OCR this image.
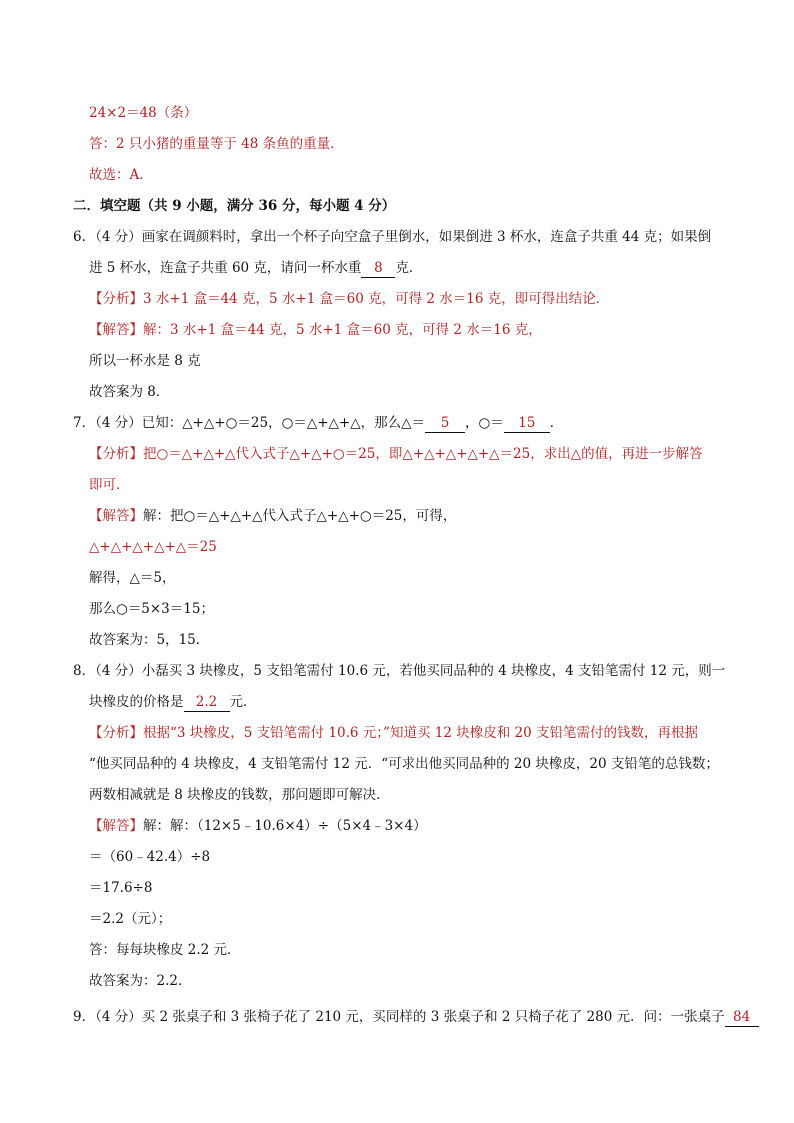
24×2＝48（条）
答：2 只小猪的重量等于 48 条鱼的重量．
故选：A．
二．填空题（共 9 小题，满分 36 分，每小题 4 分）
6．（4 分）画家在调颜料时，拿出一个杯子向空盒子里倒水，如果倒进 3 杯水，连盒子共重 44 克；如果倒
进 5 杯水，连盒子共重 60 克，请问一杯水重 8 克．
【分析】3 水+1 盒＝44 克，5 水+1 盒＝60 克，可得 2 水＝16 克，即可得出结论．
【解答】解：3 水+1 盒＝44 克，5 水+1 盒＝60 克，可得 2 水＝16 克，
所以一杯水是 8 克
故答案为 8．
7．（4 分）已知：△+△+○＝25，○＝△+△+△，那么△＝ 5 ，○＝ 15 ．
【分析】把○＝△+△+△代入式子△+△+○＝25，即△+△+△+△+△＝25，求出△的值，再进一步解答
即可．
【解答】解：把○＝△+△+△代入式子△+△+○＝25，可得，
△+△+△+△+△＝25
解得，△＝5，
那么○＝5×3＝15；
故答案为：5，15．
8．（4 分）小磊买 3 块橡皮，5 支铅笔需付 10.6 元，若他买同品种的 4 块橡皮，4 支铅笔需付 12 元，则一
块橡皮的价格是 2.2 元．
【分析】根据“3 块橡皮，5 支铅笔需付 10.6 元；”知道买 12 块橡皮和 20 支铅笔需付的钱数，再根据
“他买同品种的 4 块橡皮，4 支铅笔需付 12 元．“可求出他买同品种的 20 块橡皮，20 支铅笔的总钱数；
两数相减就是 8 块橡皮的钱数，那问题即可解决．
【解答】解：解：（12×5﹣10.6×4）÷（5×4﹣3×4）
＝（60﹣42.4）÷8
＝17.6÷8
＝2.2（元）；
答：每每块橡皮 2.2 元．
故答案为：2.2．
9．（4 分）买 2 张桌子和 3 张椅子花了 210 元，买同样的 3 张桌子和 2 只椅子花了 280 元．问：一张桌子 84
